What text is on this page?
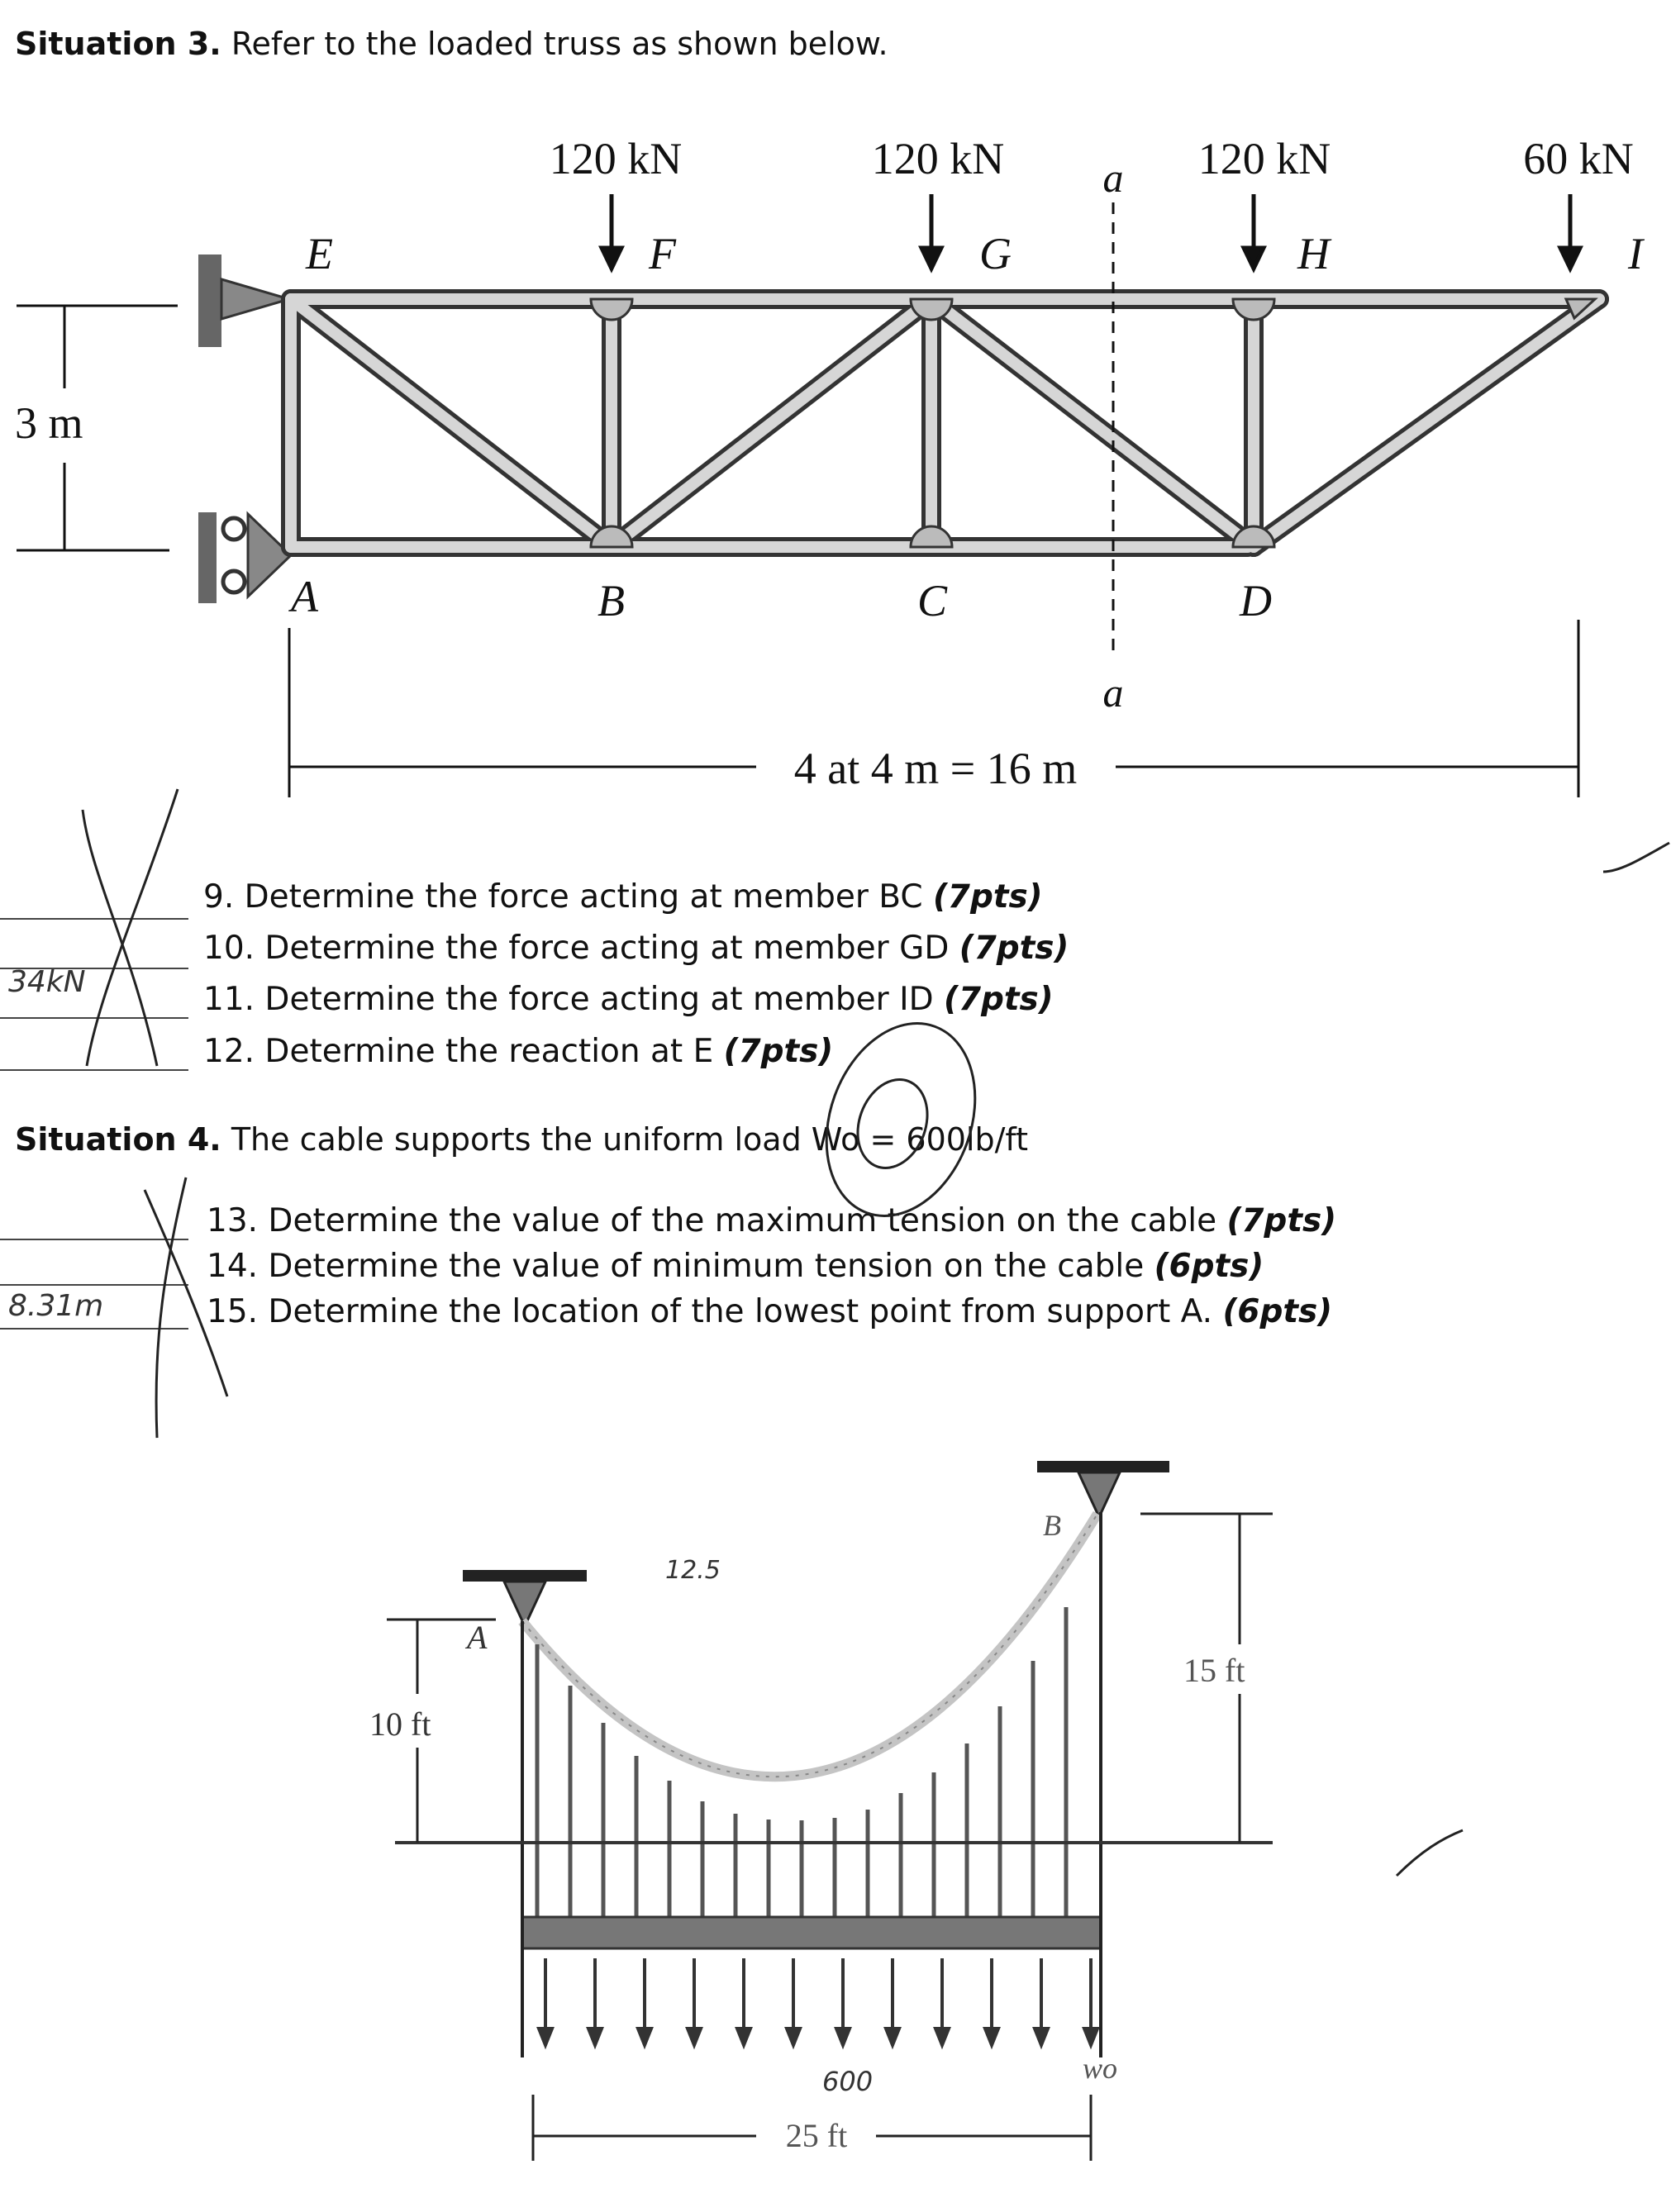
Situation 3. Refer to the loaded truss as shown below.
120 kN	120 kN	120 kN	60 kN
E	F	G	H	I
A	B	C	D
a
a
3 m
4 at 4 m = 16 m
9. Determine the force acting at member BC (7pts)
10. Determine the force acting at member GD (7pts)
11. Determine the force acting at member ID (7pts)
12. Determine the reaction at E (7pts)
Situation 4. The cable supports the uniform load Wo = 600lb/ft
13. Determine the value of the maximum tension on the cable (7pts)
14. Determine the value of minimum tension on the cable (6pts)
15. Determine the location of the lowest point from support A. (6pts)
34kN
8.31m
12.5
600
A
B
wo
10 ft
15 ft
25 ft
